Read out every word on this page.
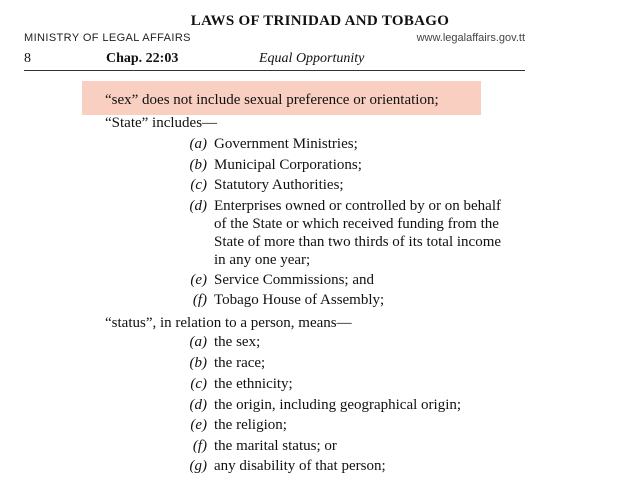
LAWS OF TRINIDAD AND TOBAGO
MINISTRY OF LEGAL AFFAIRS	www.legalaffairs.gov.tt
8	Chap. 22:03	Equal Opportunity
“sex” does not include sexual preference or orientation;
“State” includes—
(a) Government Ministries;
(b) Municipal Corporations;
(c) Statutory Authorities;
(d) Enterprises owned or controlled by or on behalf
of the State or which received funding from the
State of more than two thirds of its total income
in any one year;
(e) Service Commissions; and
(f) Tobago House of Assembly;
“status”, in relation to a person, means—
(a) the sex;
(b) the race;
(c) the ethnicity;
(d) the origin, including geographical origin;
(e) the religion;
(f) the marital status; or
(g) any disability of that person;
